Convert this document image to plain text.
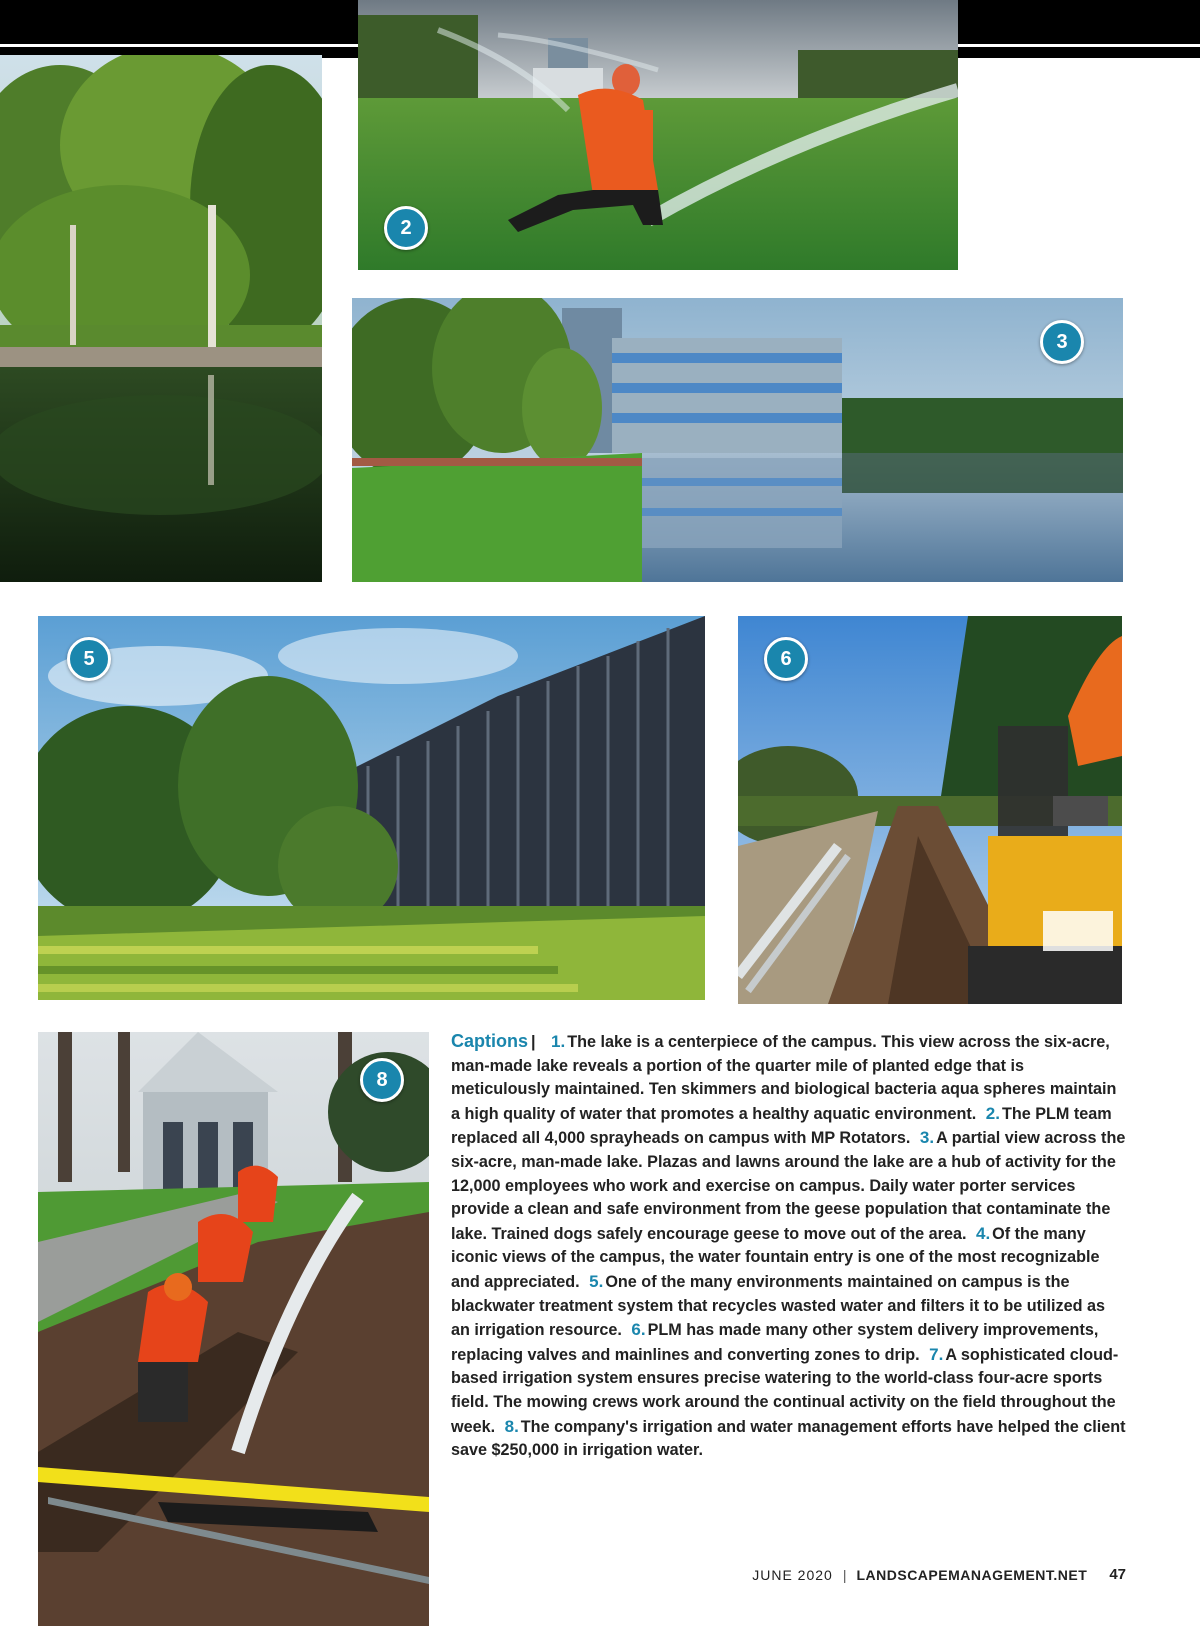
2
3
5	6
8
Captions | 1. The lake is a centerpiece of the campus. This view across the six-acre, man-made lake reveals a portion of the quarter mile of planted edge that is meticulously maintained. Ten skimmers and biological bacteria aqua spheres maintain a high quality of water that promotes a healthy aquatic environment. 2. The PLM team replaced all 4,000 sprayheads on campus with MP Rotators. 3. A partial view across the six-acre, man-made lake. Plazas and lawns around the lake are a hub of activity for the 12,000 employees who work and exercise on campus. Daily water porter services provide a clean and safe environment from the geese population that contaminate the lake. Trained dogs safely encourage geese to move out of the area. 4. Of the many iconic views of the campus, the water fountain entry is one of the most recognizable and appreciated. 5. One of the many environments maintained on campus is the blackwater treatment system that recycles wasted water and filters it to be utilized as an irrigation resource. 6. PLM has made many other system delivery improvements, replacing valves and mainlines and converting zones to drip. 7. A sophisticated cloud-based irrigation system ensures precise watering to the world-class four-acre sports field. The mowing crews work around the continual activity on the field throughout the week. 8. The company's irrigation and water management efforts have helped the client save $250,000 in irrigation water.
JUNE 2020 | LANDSCAPEMANAGEMENT.NET 47
